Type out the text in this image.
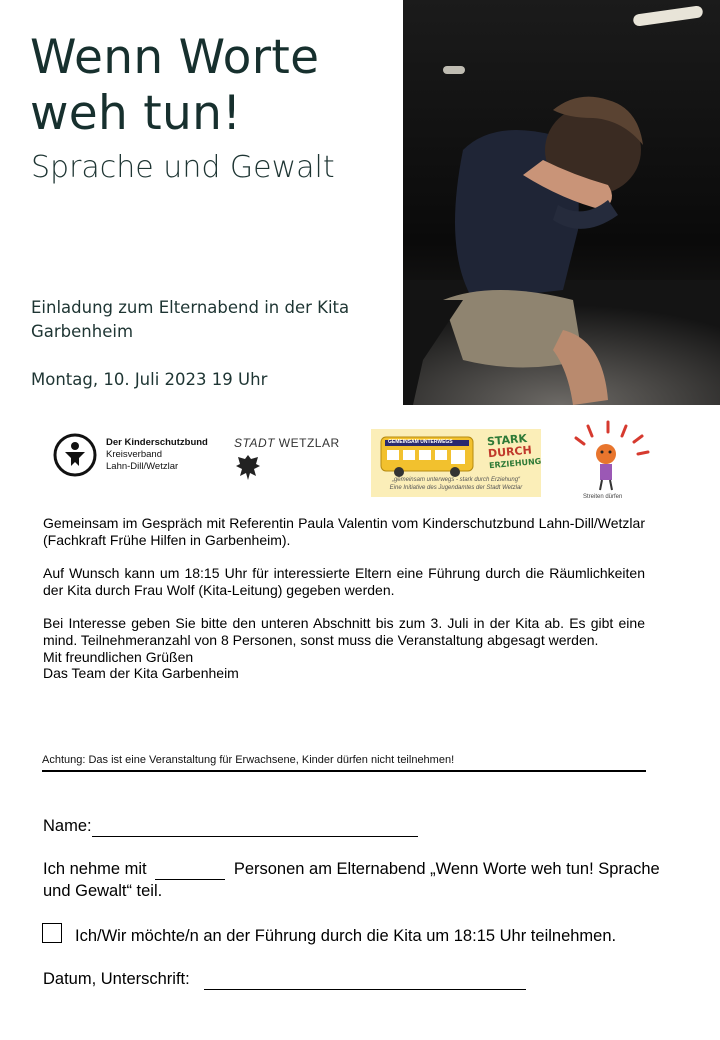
Wenn Worte
weh tun!
Sprache und Gewalt
Einladung zum Elternabend in der Kita Garbenheim
Montag, 10. Juli 2023 19 Uhr
Der Kinderschutzbund
Kreisverband
Lahn-Dill/Wetzlar
STADT WETZLAR	GEMEINSAM UNTERWEGS	STARK
DURCH
ERZIEHUNG
„gemeinsam unterwegs - stark durch Erziehung“
Eine Initiative des Jugendamtes der Stadt Wetzlar
Streiten dürfen

Gemeinsam im Gespräch mit Referentin Paula Valentin vom Kinderschutzbund Lahn-Dill/Wetzlar (Fachkraft Frühe Hilfen in Garbenheim).

Auf Wunsch kann um 18:15 Uhr für interessierte Eltern eine Führung durch die Räumlichkeiten der Kita durch Frau Wolf (Kita-Leitung) gegeben werden.

Bei Interesse geben Sie bitte den unteren Abschnitt bis zum 3. Juli in der Kita ab. Es gibt eine mind. Teilnehmeranzahl von 8 Personen, sonst muss die Veranstaltung abgesagt werden.

Mit freundlichen Grüßen

Das Team der Kita Garbenheim

Achtung: Das ist eine Veranstaltung für Erwachsene, Kinder dürfen nicht teilnehmen!
Name:
Ich nehme mit	Personen am Elternabend „Wenn Worte weh tun! Sprache und Gewalt“ teil.
Ich/Wir möchte/n an der Führung durch die Kita um 18:15 Uhr teilnehmen.
Datum, Unterschrift:
